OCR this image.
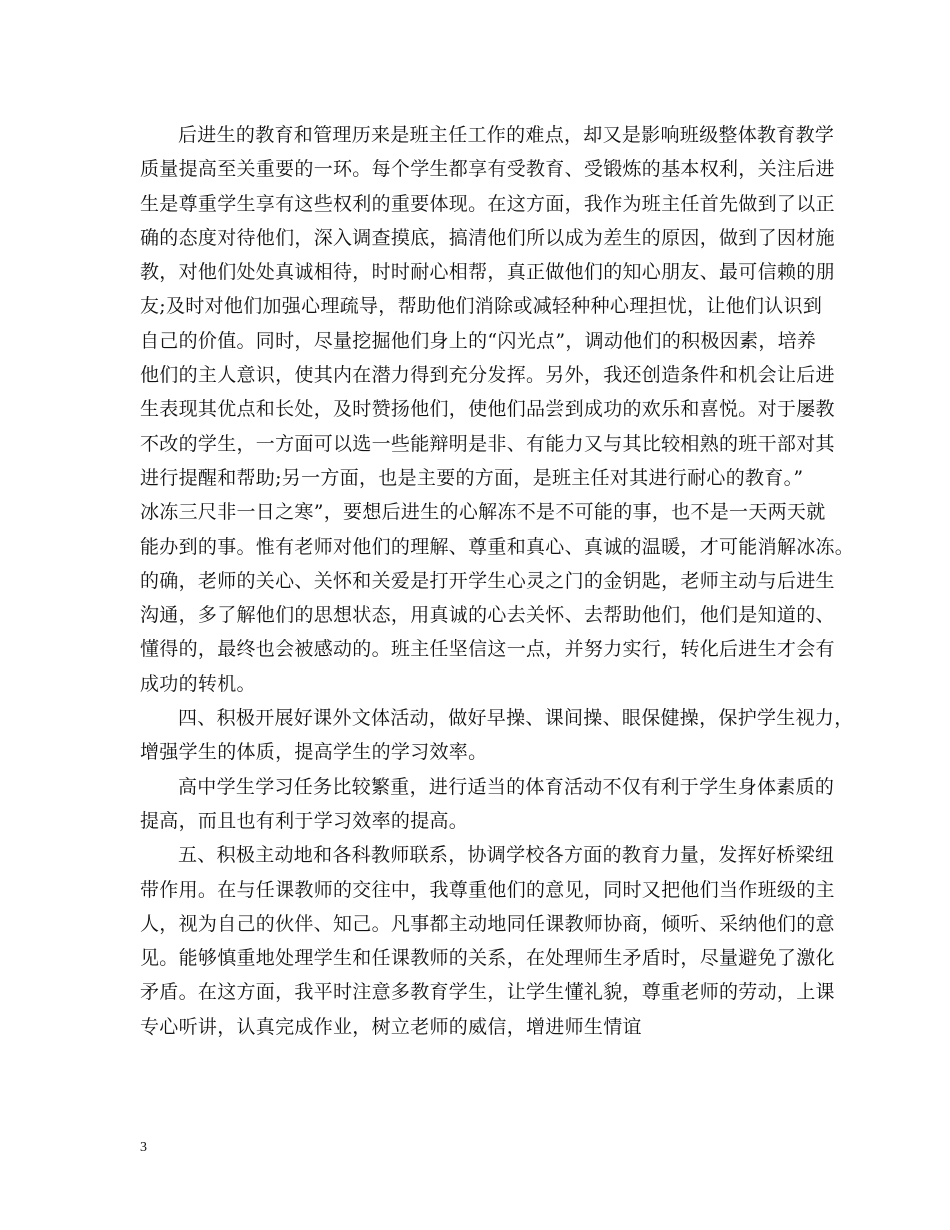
后进生的教育和管理历来是班主任工作的难点，却又是影响班级整体教育教学
质量提高至关重要的一环。每个学生都享有受教育、受锻炼的基本权利，关注后进
生是尊重学生享有这些权利的重要体现。在这方面，我作为班主任首先做到了以正
确的态度对待他们，深入调查摸底，搞清他们所以成为差生的原因，做到了因材施
教，对他们处处真诚相待，时时耐心相帮，真正做他们的知心朋友、最可信赖的朋
友;及时对他们加强心理疏导，帮助他们消除或减轻种种心理担忧，让他们认识到
自己的价值。同时，尽量挖掘他们身上的“闪光点”，调动他们的积极因素，培养
他们的主人意识，使其内在潜力得到充分发挥。另外，我还创造条件和机会让后进
生表现其优点和长处，及时赞扬他们，使他们品尝到成功的欢乐和喜悦。对于屡教
不改的学生，一方面可以选一些能辩明是非、有能力又与其比较相熟的班干部对其
进行提醒和帮助;另一方面，也是主要的方面，是班主任对其进行耐心的教育。”
冰冻三尺非一日之寒”，要想后进生的心解冻不是不可能的事，也不是一天两天就
能办到的事。惟有老师对他们的理解、尊重和真心、真诚的温暖，才可能消解冰冻。
的确，老师的关心、关怀和关爱是打开学生心灵之门的金钥匙，老师主动与后进生
沟通，多了解他们的思想状态，用真诚的心去关怀、去帮助他们，他们是知道的、
懂得的，最终也会被感动的。班主任坚信这一点，并努力实行，转化后进生才会有
成功的转机。
四、积极开展好课外文体活动，做好早操、课间操、眼保健操，保护学生视力，
增强学生的体质，提高学生的学习效率。
高中学生学习任务比较繁重，进行适当的体育活动不仅有利于学生身体素质的
提高，而且也有利于学习效率的提高。
五、积极主动地和各科教师联系，协调学校各方面的教育力量，发挥好桥梁纽
带作用。在与任课教师的交往中，我尊重他们的意见，同时又把他们当作班级的主
人，视为自己的伙伴、知己。凡事都主动地同任课教师协商，倾听、采纳他们的意
见。能够慎重地处理学生和任课教师的关系，在处理师生矛盾时，尽量避免了激化
矛盾。在这方面，我平时注意多教育学生，让学生懂礼貌，尊重老师的劳动，上课
专心听讲，认真完成作业，树立老师的威信，增进师生情谊
3
